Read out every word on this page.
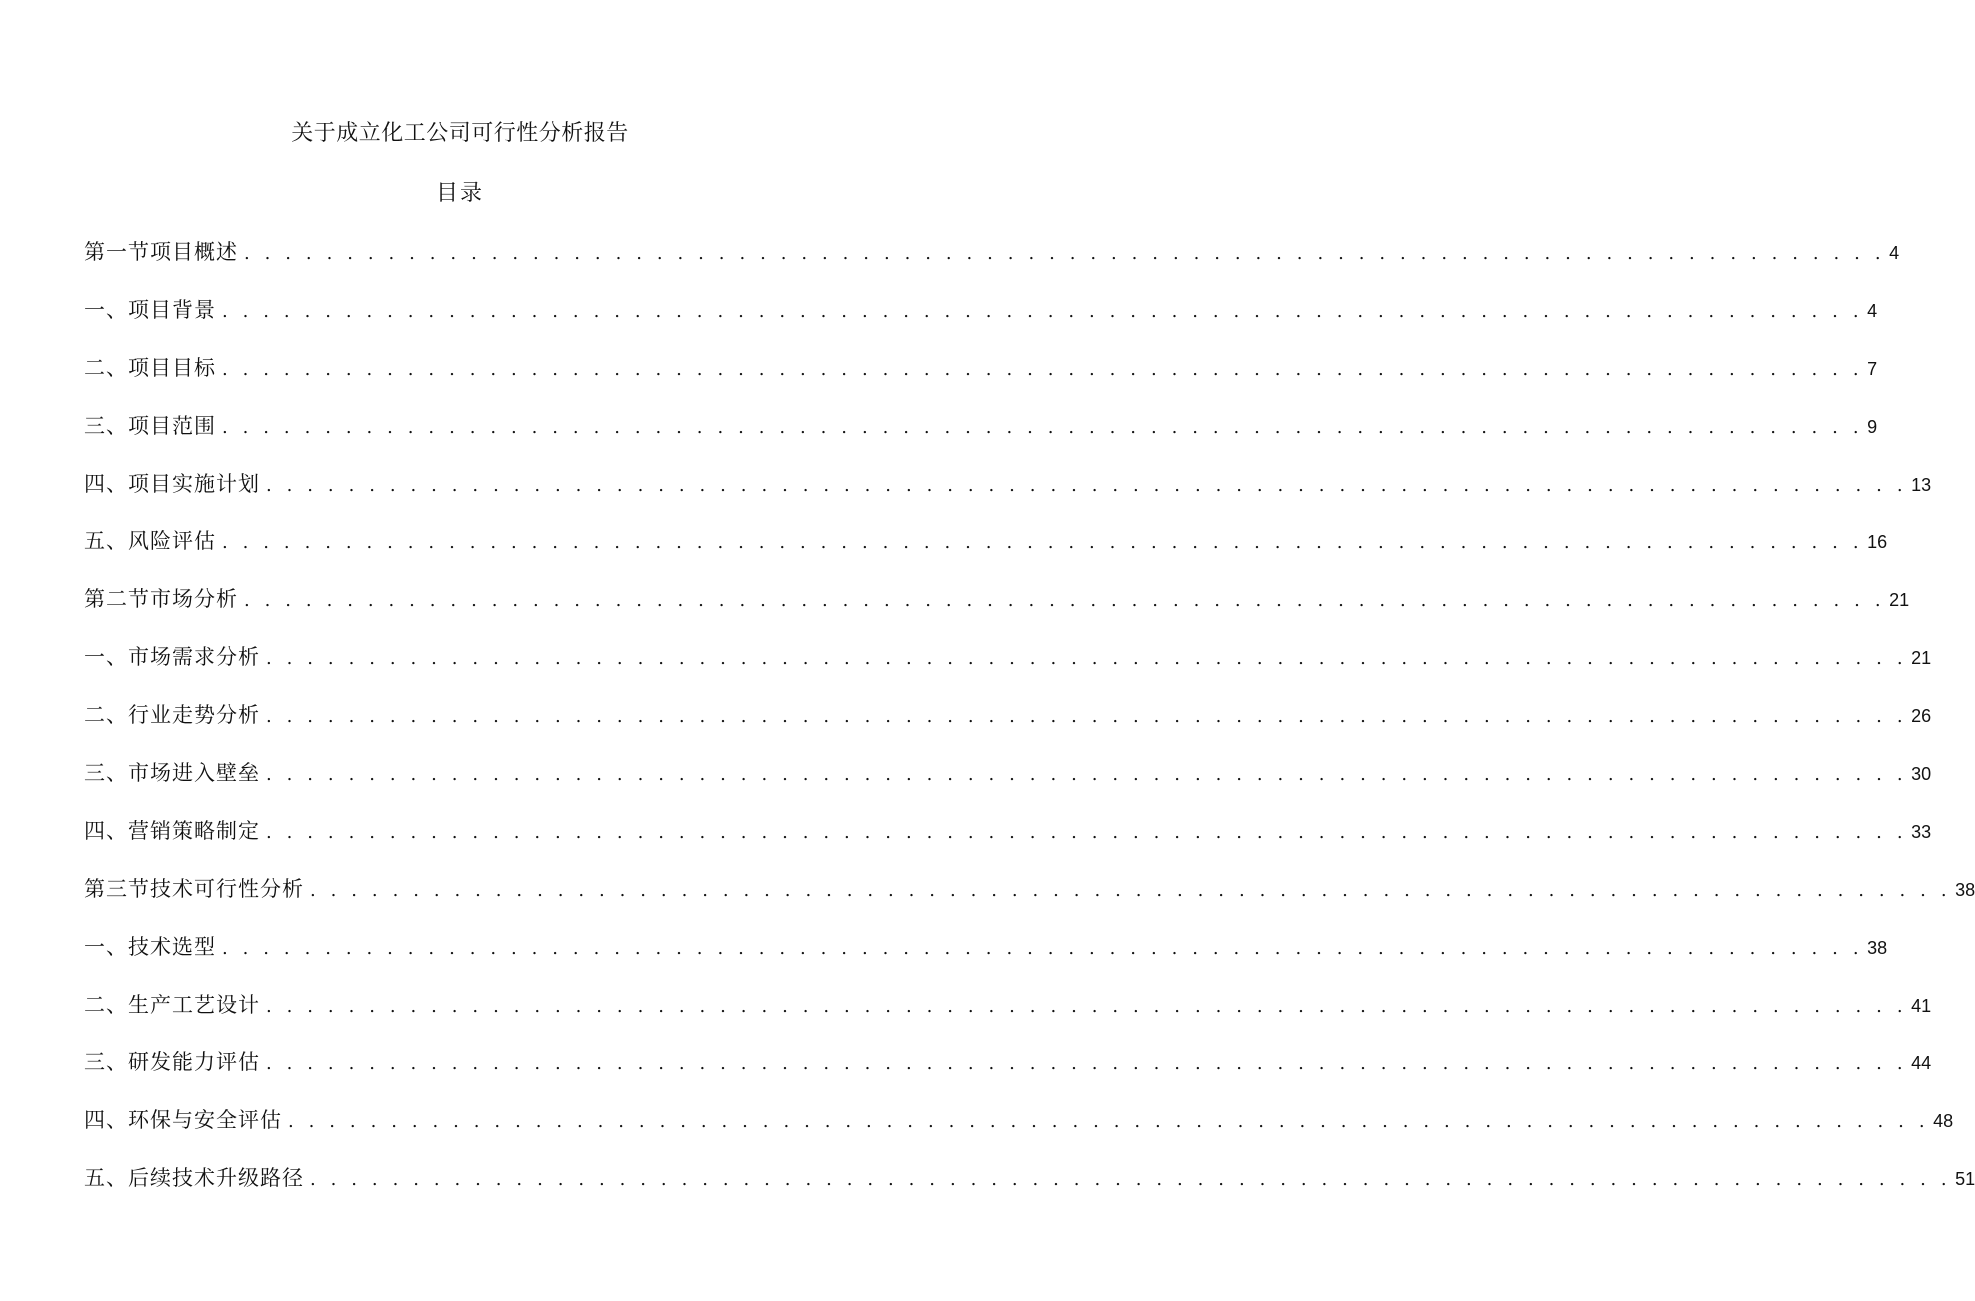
关于成立化工公司可行性分析报告
目录
第一节项目概述 . . . . . . . . . . . . . . . . . . . . . . . . . . . . . . . . . . . . . . . . . . . . . . . . . . . . . . . . . . . . . . . . . . . . . . . . . . . . . . . . 4
一、项目背景 . . . . . . . . . . . . . . . . . . . . . . . . . . . . . . . . . . . . . . . . . . . . . . . . . . . . . . . . . . . . . . . . . . . . . . . . . . . . . . . . 4
二、项目目标 . . . . . . . . . . . . . . . . . . . . . . . . . . . . . . . . . . . . . . . . . . . . . . . . . . . . . . . . . . . . . . . . . . . . . . . . . . . . . . . . 7
三、项目范围 . . . . . . . . . . . . . . . . . . . . . . . . . . . . . . . . . . . . . . . . . . . . . . . . . . . . . . . . . . . . . . . . . . . . . . . . . . . . . . . . 9
四、项目实施计划 . . . . . . . . . . . . . . . . . . . . . . . . . . . . . . . . . . . . . . . . . . . . . . . . . . . . . . . . . . . . . . . . . . . . . . . . . . . . . . . . 13
五、风险评估 . . . . . . . . . . . . . . . . . . . . . . . . . . . . . . . . . . . . . . . . . . . . . . . . . . . . . . . . . . . . . . . . . . . . . . . . . . . . . . . . 16
第二节市场分析 . . . . . . . . . . . . . . . . . . . . . . . . . . . . . . . . . . . . . . . . . . . . . . . . . . . . . . . . . . . . . . . . . . . . . . . . . . . . . . . . 21
一、市场需求分析 . . . . . . . . . . . . . . . . . . . . . . . . . . . . . . . . . . . . . . . . . . . . . . . . . . . . . . . . . . . . . . . . . . . . . . . . . . . . . . . . 21
二、行业走势分析 . . . . . . . . . . . . . . . . . . . . . . . . . . . . . . . . . . . . . . . . . . . . . . . . . . . . . . . . . . . . . . . . . . . . . . . . . . . . . . . . 26
三、市场进入壁垒 . . . . . . . . . . . . . . . . . . . . . . . . . . . . . . . . . . . . . . . . . . . . . . . . . . . . . . . . . . . . . . . . . . . . . . . . . . . . . . . . 30
四、营销策略制定 . . . . . . . . . . . . . . . . . . . . . . . . . . . . . . . . . . . . . . . . . . . . . . . . . . . . . . . . . . . . . . . . . . . . . . . . . . . . . . . . 33
第三节技术可行性分析 . . . . . . . . . . . . . . . . . . . . . . . . . . . . . . . . . . . . . . . . . . . . . . . . . . . . . . . . . . . . . . . . . . . . . . . . . . . . . . . . 38
一、技术选型 . . . . . . . . . . . . . . . . . . . . . . . . . . . . . . . . . . . . . . . . . . . . . . . . . . . . . . . . . . . . . . . . . . . . . . . . . . . . . . . . 38
二、生产工艺设计 . . . . . . . . . . . . . . . . . . . . . . . . . . . . . . . . . . . . . . . . . . . . . . . . . . . . . . . . . . . . . . . . . . . . . . . . . . . . . . . . 41
三、研发能力评估 . . . . . . . . . . . . . . . . . . . . . . . . . . . . . . . . . . . . . . . . . . . . . . . . . . . . . . . . . . . . . . . . . . . . . . . . . . . . . . . . 44
四、环保与安全评估 . . . . . . . . . . . . . . . . . . . . . . . . . . . . . . . . . . . . . . . . . . . . . . . . . . . . . . . . . . . . . . . . . . . . . . . . . . . . . . . . 48
五、后续技术升级路径 . . . . . . . . . . . . . . . . . . . . . . . . . . . . . . . . . . . . . . . . . . . . . . . . . . . . . . . . . . . . . . . . . . . . . . . . . . . . . . . . 51
